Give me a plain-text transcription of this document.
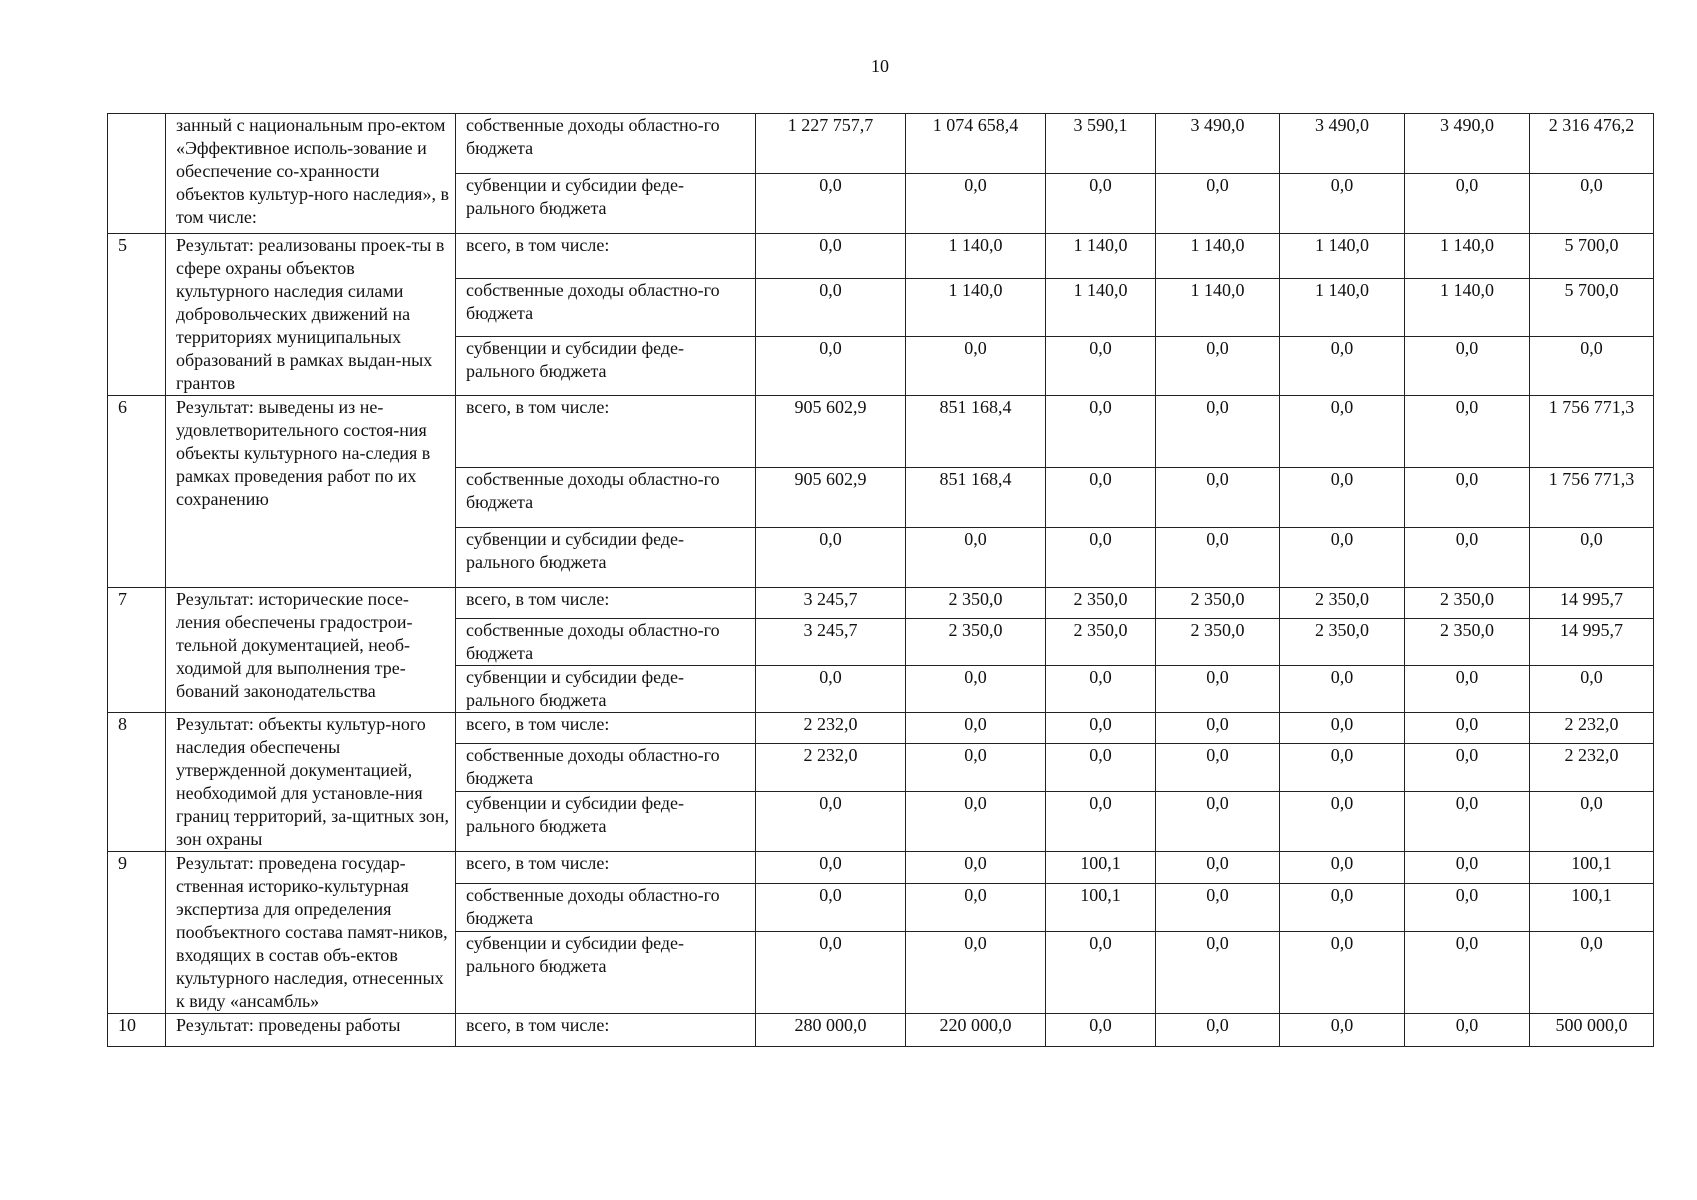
10
	занный с национальным про-ектом «Эффективное исполь-зование и обеспечение со-хранности объектов культур-ного наследия», в том числе:	собственные доходы областно-го бюджета	1 227 757,7	1 074 658,4	3 590,1	3 490,0	3 490,0	3 490,0	2 316 476,2
		субвенции и субсидии феде-рального бюджета	0,0	0,0	0,0	0,0	0,0	0,0	0,0
5	Результат: реализованы проек-ты в сфере охраны объектов культурного наследия силами добровольческих движений на территориях муниципальных образований в рамках выдан-ных грантов	всего, в том числе:	0,0	1 140,0	1 140,0	1 140,0	1 140,0	1 140,0	5 700,0
		собственные доходы областно-го бюджета	0,0	1 140,0	1 140,0	1 140,0	1 140,0	1 140,0	5 700,0
		субвенции и субсидии феде-рального бюджета	0,0	0,0	0,0	0,0	0,0	0,0	0,0
6	Результат: выведены из не-удовлетворительного состоя-ния объекты культурного на-следия в рамках проведения работ по их сохранению	всего, в том числе:	905 602,9	851 168,4	0,0	0,0	0,0	0,0	1 756 771,3
		собственные доходы областно-го бюджета	905 602,9	851 168,4	0,0	0,0	0,0	0,0	1 756 771,3
		субвенции и субсидии феде-рального бюджета	0,0	0,0	0,0	0,0	0,0	0,0	0,0
7	Результат: исторические посе-ления обеспечены градострои-тельной документацией, необ-ходимой для выполнения тре-бований законодательства	всего, в том числе:	3 245,7	2 350,0	2 350,0	2 350,0	2 350,0	2 350,0	14 995,7
		собственные доходы областно-го бюджета	3 245,7	2 350,0	2 350,0	2 350,0	2 350,0	2 350,0	14 995,7
		субвенции и субсидии феде-рального бюджета	0,0	0,0	0,0	0,0	0,0	0,0	0,0
8	Результат: объекты культур-ного наследия обеспечены утвержденной документацией, необходимой для установле-ния границ территорий, за-щитных зон, зон охраны	всего, в том числе:	2 232,0	0,0	0,0	0,0	0,0	0,0	2 232,0
		собственные доходы областно-го бюджета	2 232,0	0,0	0,0	0,0	0,0	0,0	2 232,0
		субвенции и субсидии феде-рального бюджета	0,0	0,0	0,0	0,0	0,0	0,0	0,0
9	Результат: проведена государ-ственная историко-культурная экспертиза для определения пообъектного состава памят-ников, входящих в состав объ-ектов культурного наследия, отнесенных к виду «ансамбль»	всего, в том числе:	0,0	0,0	100,1	0,0	0,0	0,0	100,1
		собственные доходы областно-го бюджета	0,0	0,0	100,1	0,0	0,0	0,0	100,1
		субвенции и субсидии феде-рального бюджета	0,0	0,0	0,0	0,0	0,0	0,0	0,0
10	Результат: проведены работы	всего, в том числе:	280 000,0	220 000,0	0,0	0,0	0,0	0,0	500 000,0
